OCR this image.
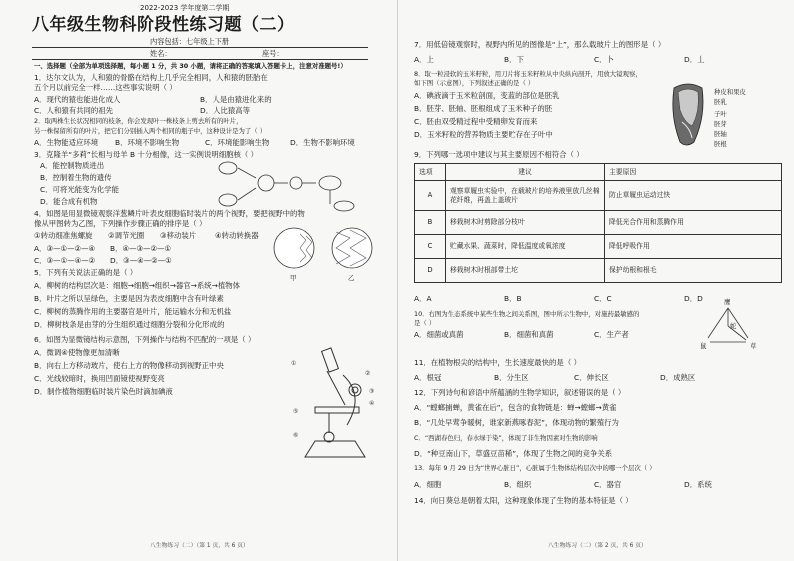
2022-2023 学年度第二学期
八年级生物科阶段性练习题（二）
内容包括：七年级上下册
姓名：	座号：
一、选择题（全部为单项选择题，每小题 1 分，共 30 小题，请将正确的答案填入答题卡上，注意对准题号!）
1．达尔文认为，人和猿的骨骼在结构上几乎完全相同，人和猿的胚胎在
五个月以前完全一样……这些事实说明（ ）
A．现代的猿也能进化成人	B．人是由猿进化来的
C．人和猿有共同的祖先	D．人比猿高等
2．取两株生长状况相同的枝条，你会发现叶一株枝条上剪去所有的叶片，
另一株保留所有的叶片，把它们分别插入两个相同的瓶子中，这种设计是为了（ ）
A．生物能适应环境 B．环境不影响生物	C．环境能影响生物	D．生物不影响环境
3．克隆羊“多莉”长相与母羊 B 十分相像，这一实例说明细胞核（ ）
A．能控制物质进出
B．控制着生物的遗传
C．可将光能变为化学能
D．能合成有机物
4．如图是用显微镜观察洋葱鳞片叶表皮细胞临时装片的两个视野，要把视野中的物
像从甲图转为乙图，下列操作步骤正确的排序是（ ）
①转动细准焦螺旋 ②调节光圈 ③移动装片	④转动转换器
A．③—①—②—④ B．④—③—②—①
C．③—①—④—② D．③—④—②—①
甲	乙
5．下列有关说法正确的是（ ）
A．柳树的结构层次是：细胞→细胞→组织→器官→系统→植物体
B．叶片之所以呈绿色，主要是因为表皮细胞中含有叶绿素
C．柳树的蒸腾作用的主要器官是叶片，能运输水分和无机盐
D．柳树枝条是由芽的分生组织通过细胞分裂和分化形成的
6．如图为显微镜结构示意图，下列操作与结构不匹配的一项是（ ）
A．微调④使物像更加清晰
B．向右上方移动玻片，使右上方的物像移动到视野正中央
C．光线较暗时，换用凹面镜使视野变亮
D．制作植物细胞临时装片染色时滴加碘液
①
②
③
④
⑤
⑥
八生物练习（二）（第 1 页，共 6 页）
7．用低倍镜观察时，视野内所见的图像是“上”，那么载玻片上的图形是（ ）
A．上	B．下	C．卜	D．丄
8．取一粒浸软的玉米籽粒，用刀片将玉米籽粒从中央纵向剖开，用放大镜观察，
如下图（示意图），下列叙述正确的是（ ）
A．碘液滴于玉米粒剖面，变蓝的部位是胚乳
B．胚芽、胚轴、胚根组成了玉米种子的胚
C．胚由双受精过程中受精卵发育而来
D．玉米籽粒的营养物质主要贮存在子叶中
种皮和果皮
胚乳
子叶
胚芽
胚轴
胚根
9．下列哪一选项中建议与其主要原因不相符合（ ）
选项	建议	主要原因
A	观察草履虫实验中，在载玻片的培养液里放几丝棉花纤维，再盖上盖玻片	防止草履虫运动过快
B	移栽树木时剪除部分枝叶	降低光合作用和蒸腾作用
C	贮藏水果、蔬菜时，降低温度或氧浓度	降低呼吸作用
D	移栽树木时根部带土坨	保护幼根和根毛
A．A	B．B	C．C	D．D
10．右图为生态系统中某些生物之间关系图，图中所示生物中，对施药最敏感的
是（ ）
A．细菌或真菌	B．细菌和真菌	C．生产者
鹰
蛇
鼠	草
11．在植物根尖的结构中，生长速度最快的是（ ）
A．根冠	B．分生区	C．伸长区	D．成熟区
12．下列诗句和谚语中所蕴涵的生物学知识，叙述错误的是（ ）
A．“螳螂捕蝉，黄雀在后”，包含的食物链是：蝉→螳螂→黄雀
B．“几处早莺争暖树，谁家新燕啄春泥”，体现动物的繁殖行为
C．“西湖春色归，春水绿于染”，体现了非生物因素对生物的影响
D．“种豆南山下，草盛豆苗稀”，体现了生物之间的竞争关系
13．每年 9 月 29 日为“世界心脏日”，心脏属于生物体结构层次中的哪一个层次（ ）
A．细胞	B．组织	C．器官	D．系统
14．向日葵总是朝着太阳，这种现象体现了生物的基本特征是（ ）
八生物练习（二）（第 2 页，共 6 页）
